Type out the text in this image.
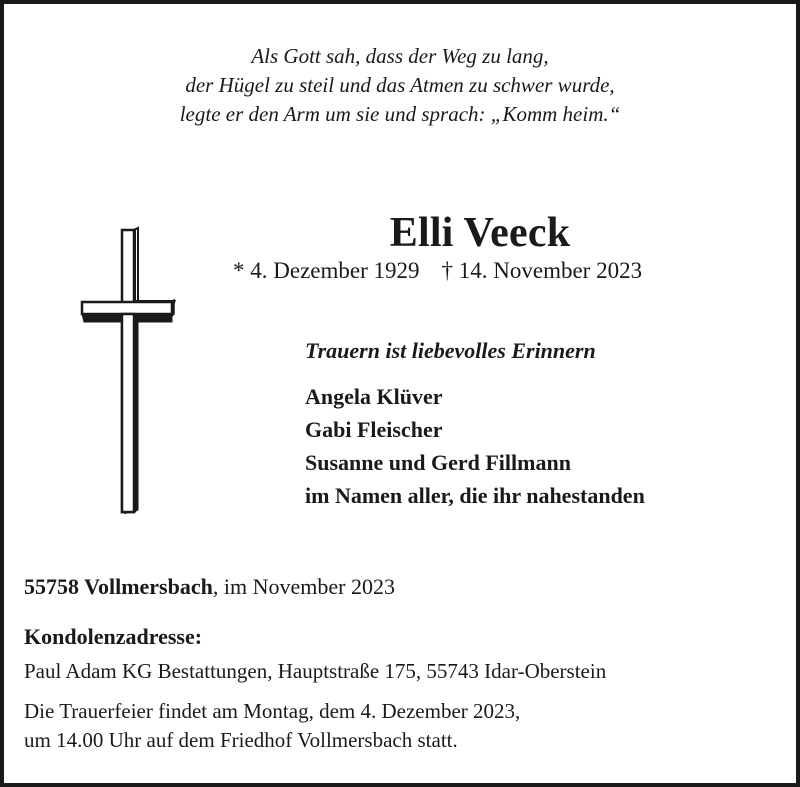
Als Gott sah, dass der Weg zu lang,
der Hügel zu steil und das Atmen zu schwer wurde,
legte er den Arm um sie und sprach: „Komm heim.“
Elli Veeck
* 4. Dezember 1929 † 14. November 2023
Trauern ist liebevolles Erinnern
Angela Klüver
Gabi Fleischer
Susanne und Gerd Fillmann
im Namen aller, die ihr nahestanden
55758 Vollmersbach, im November 2023
Kondolenzadresse:
Paul Adam KG Bestattungen, Hauptstraße 175, 55743 Idar-Oberstein
Die Trauerfeier findet am Montag, dem 4. Dezember 2023,
um 14.00 Uhr auf dem Friedhof Vollmersbach statt.
